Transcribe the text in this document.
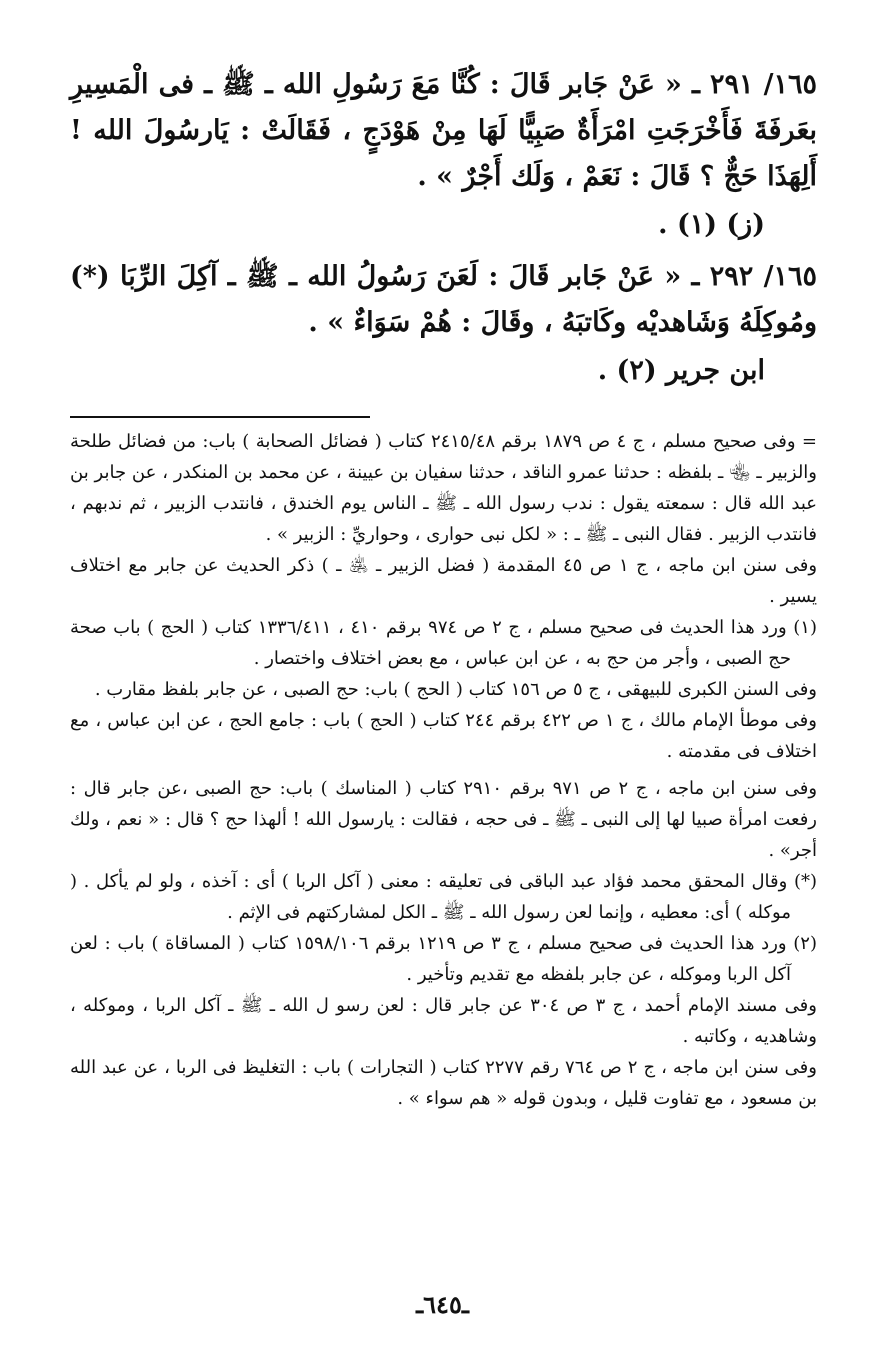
١٦٥/ ٢٩١ ـ « عَنْ جَابر قَالَ : كُنَّا مَعَ رَسُولِ الله ـ ﷺ ـ فى الْمَسِيرِ بعَرفَةَ فَأَخْرَجَتِ امْرَأَةٌ صَبِيًّا لَهَا مِنْ هَوْدَجٍ ، فَقَالَتْ : يَارسُولَ الله ! أَلِهَذَا حَجٌّ ؟ قَالَ : نَعَمْ ، وَلَك أَجْرٌ » .

(ز) (١) .

١٦٥/ ٢٩٢ ـ « عَنْ جَابر قَالَ : لَعَنَ رَسُولُ الله ـ ﷺ ـ آكِلَ الرِّبَا (*) ومُوكِلَهُ وَشَاهديْه وكَاتبَهُ ، وقَالَ : هُمْ سَوَاءٌ » .

ابن جرير (٢) .

= وفى صحيح مسلم ، ج ٤ ص ١٨٧٩ برقم ٢٤١٥/٤٨ كتاب ( فضائل الصحابة ) باب: من فضائل طلحة والزبير ـ ﵄ ـ بلفظه : حدثنا عمرو الناقد ، حدثنا سفيان بن عيينة ، عن محمد بن المنكدر ، عن جابر بن عبد الله قال : سمعته يقول : ندب رسول الله ـ ﷺ ـ الناس يوم الخندق ، فانتدب الزبير ، ثم ندبهم ، فانتدب الزبير . فقال النبى ـ ﷺ ـ : « لكل نبى حوارى ، وحواريِّ : الزبير » .

وفى سنن ابن ماجه ، ج ١ ص ٤٥ المقدمة ( فضل الزبير ـ ﵁ ـ ) ذكر الحديث عن جابر مع اختلاف يسير .

(١) ورد هذا الحديث فى صحيح مسلم ، ج ٢ ص ٩٧٤ برقم ٤١٠ ، ١٣٣٦/٤١١ كتاب ( الحج ) باب صحة حج الصبى ، وأجر من حج به ، عن ابن عباس ، مع بعض اختلاف واختصار .

وفى السنن الكبرى للبيهقى ، ج ٥ ص ١٥٦ كتاب ( الحج ) باب: حج الصبى ، عن جابر بلفظ مقارب .

وفى موطأ الإمام مالك ، ج ١ ص ٤٢٢ برقم ٢٤٤ كتاب ( الحج ) باب : جامع الحج ، عن ابن عباس ، مع اختلاف فى مقدمته .

وفى سنن ابن ماجه ، ج ٢ ص ٩٧١ برقم ٢٩١٠ كتاب ( المناسك ) باب: حج الصبى ،عن جابر قال : رفعت امرأة صبيا لها إلى النبى ـ ﷺ ـ فى حجه ، فقالت : يارسول الله ! ألهذا حج ؟ قال : « نعم ، ولك أجر» .

(*) وقال المحقق محمد فؤاد عبد الباقى فى تعليقه : معنى ( آكل الربا ) أى : آخذه ، ولو لم يأكل . ( موكله ) أى: معطيه ، وإنما لعن رسول الله ـ ﷺ ـ الكل لمشاركتهم فى الإثم .

(٢) ورد هذا الحديث فى صحيح مسلم ، ج ٣ ص ١٢١٩ برقم ١٥٩٨/١٠٦ كتاب ( المساقاة ) باب : لعن آكل الربا وموكله ، عن جابر بلفظه مع تقديم وتأخير .

وفى مسند الإمام أحمد ، ج ٣ ص ٣٠٤ عن جابر قال : لعن رسو ل الله ـ ﷺ ـ آكل الربا ، وموكله ، وشاهديه ، وكاتبه .

وفى سنن ابن ماجه ، ج ٢ ص ٧٦٤ رقم ٢٢٧٧ كتاب ( التجارات ) باب : التغليظ فى الربا ، عن عبد الله بن مسعود ، مع تفاوت قليل ، وبدون قوله « هم سواء » .

ـ٦٤٥ـ
